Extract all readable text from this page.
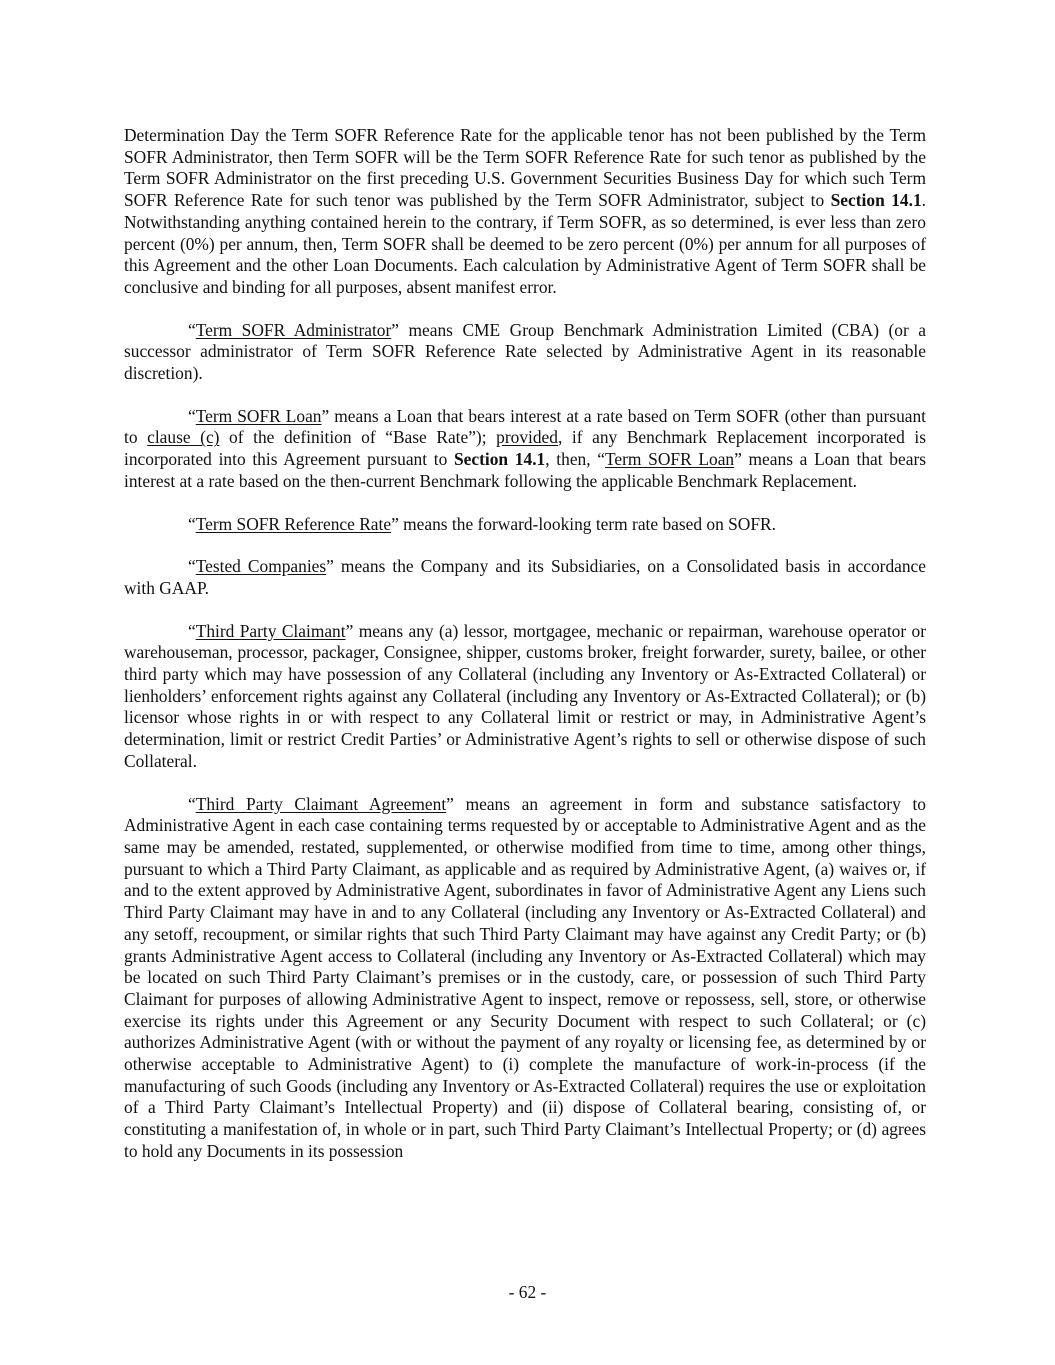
Determination Day the Term SOFR Reference Rate for the applicable tenor has not been published by the Term SOFR Administrator, then Term SOFR will be the Term SOFR Reference Rate for such tenor as published by the Term SOFR Administrator on the first preceding U.S. Government Securities Business Day for which such Term SOFR Reference Rate for such tenor was published by the Term SOFR Administrator, subject to Section 14.1. Notwithstanding anything contained herein to the contrary, if Term SOFR, as so determined, is ever less than zero percent (0%) per annum, then, Term SOFR shall be deemed to be zero percent (0%) per annum for all purposes of this Agreement and the other Loan Documents. Each calculation by Administrative Agent of Term SOFR shall be conclusive and binding for all purposes, absent manifest error.

“Term SOFR Administrator” means CME Group Benchmark Administration Limited (CBA) (or a successor administrator of Term SOFR Reference Rate selected by Administrative Agent in its reasonable discretion).

“Term SOFR Loan” means a Loan that bears interest at a rate based on Term SOFR (other than pursuant to clause (c) of the definition of “Base Rate”); provided, if any Benchmark Replacement incorporated is incorporated into this Agreement pursuant to Section 14.1, then, “Term SOFR Loan” means a Loan that bears interest at a rate based on the then-current Benchmark following the applicable Benchmark Replacement.

“Term SOFR Reference Rate” means the forward-looking term rate based on SOFR.

“Tested Companies” means the Company and its Subsidiaries, on a Consolidated basis in accordance with GAAP.

“Third Party Claimant” means any (a) lessor, mortgagee, mechanic or repairman, warehouse operator or warehouseman, processor, packager, Consignee, shipper, customs broker, freight forwarder, surety, bailee, or other third party which may have possession of any Collateral (including any Inventory or As-Extracted Collateral) or lienholders’ enforcement rights against any Collateral (including any Inventory or As-Extracted Collateral); or (b) licensor whose rights in or with respect to any Collateral limit or restrict or may, in Administrative Agent’s determination, limit or restrict Credit Parties’ or Administrative Agent’s rights to sell or otherwise dispose of such Collateral.

“Third Party Claimant Agreement” means an agreement in form and substance satisfactory to Administrative Agent in each case containing terms requested by or acceptable to Administrative Agent and as the same may be amended, restated, supplemented, or otherwise modified from time to time, among other things, pursuant to which a Third Party Claimant, as applicable and as required by Administrative Agent, (a) waives or, if and to the extent approved by Administrative Agent, subordinates in favor of Administrative Agent any Liens such Third Party Claimant may have in and to any Collateral (including any Inventory or As-Extracted Collateral) and any setoff, recoupment, or similar rights that such Third Party Claimant may have against any Credit Party; or (b) grants Administrative Agent access to Collateral (including any Inventory or As-Extracted Collateral) which may be located on such Third Party Claimant’s premises or in the custody, care, or possession of such Third Party Claimant for purposes of allowing Administrative Agent to inspect, remove or repossess, sell, store, or otherwise exercise its rights under this Agreement or any Security Document with respect to such Collateral; or (c) authorizes Administrative Agent (with or without the payment of any royalty or licensing fee, as determined by or otherwise acceptable to Administrative Agent) to (i) complete the manufacture of work-in-process (if the manufacturing of such Goods (including any Inventory or As-Extracted Collateral) requires the use or exploitation of a Third Party Claimant’s Intellectual Property) and (ii) dispose of Collateral bearing, consisting of, or constituting a manifestation of, in whole or in part, such Third Party Claimant’s Intellectual Property; or (d) agrees to hold any Documents in its possession

- 62 -
